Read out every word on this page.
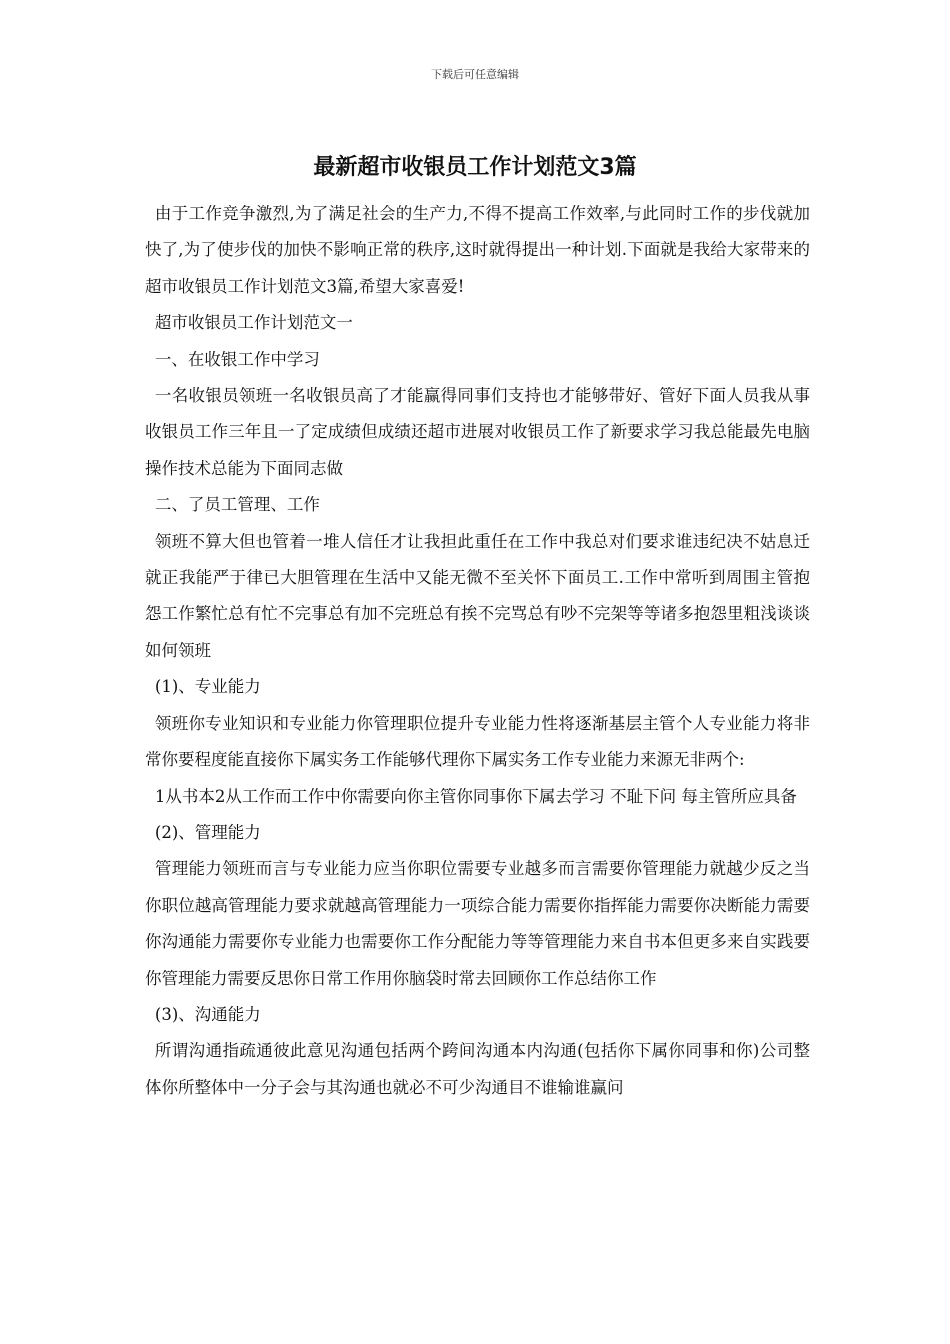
下载后可任意编辑
最新超市收银员工作计划范文3篇

由于工作竞争激烈,为了满足社会的生产力,不得不提高工作效率,与此同时工作的步伐就加快了,为了使步伐的加快不影响正常的秩序,这时就得提出一种计划.下面就是我给大家带来的超市收银员工作计划范文3篇,希望大家喜爱!

超市收银员工作计划范文一

一、在收银工作中学习

一名收银员领班一名收银员高了才能赢得同事们支持也才能够带好、管好下面人员我从事收银员工作三年且一了定成绩但成绩还超市进展对收银员工作了新要求学习我总能最先电脑操作技术总能为下面同志做

二、了员工管理、工作

领班不算大但也管着一堆人信任才让我担此重任在工作中我总对们要求谁违纪决不姑息迁就正我能严于律已大胆管理在生活中又能无微不至关怀下面员工.工作中常听到周围主管抱怨工作繁忙总有忙不完事总有加不完班总有挨不完骂总有吵不完架等等诸多抱怨里粗浅谈谈如何领班

(1)、专业能力

领班你专业知识和专业能力你管理职位提升专业能力性将逐渐基层主管个人专业能力将非常你要程度能直接你下属实务工作能够代理你下属实务工作专业能力来源无非两个:

1从书本2从工作而工作中你需要向你主管你同事你下属去学习 不耻下问 每主管所应具备

(2)、管理能力

管理能力领班而言与专业能力应当你职位需要专业越多而言需要你管理能力就越少反之当你职位越高管理能力要求就越高管理能力一项综合能力需要你指挥能力需要你决断能力需要你沟通能力需要你专业能力也需要你工作分配能力等等管理能力来自书本但更多来自实践要你管理能力需要反思你日常工作用你脑袋时常去回顾你工作总结你工作

(3)、沟通能力

所谓沟通指疏通彼此意见沟通包括两个跨间沟通本内沟通(包括你下属你同事和你)公司整体你所整体中一分子会与其沟通也就必不可少沟通目不谁输谁赢问
